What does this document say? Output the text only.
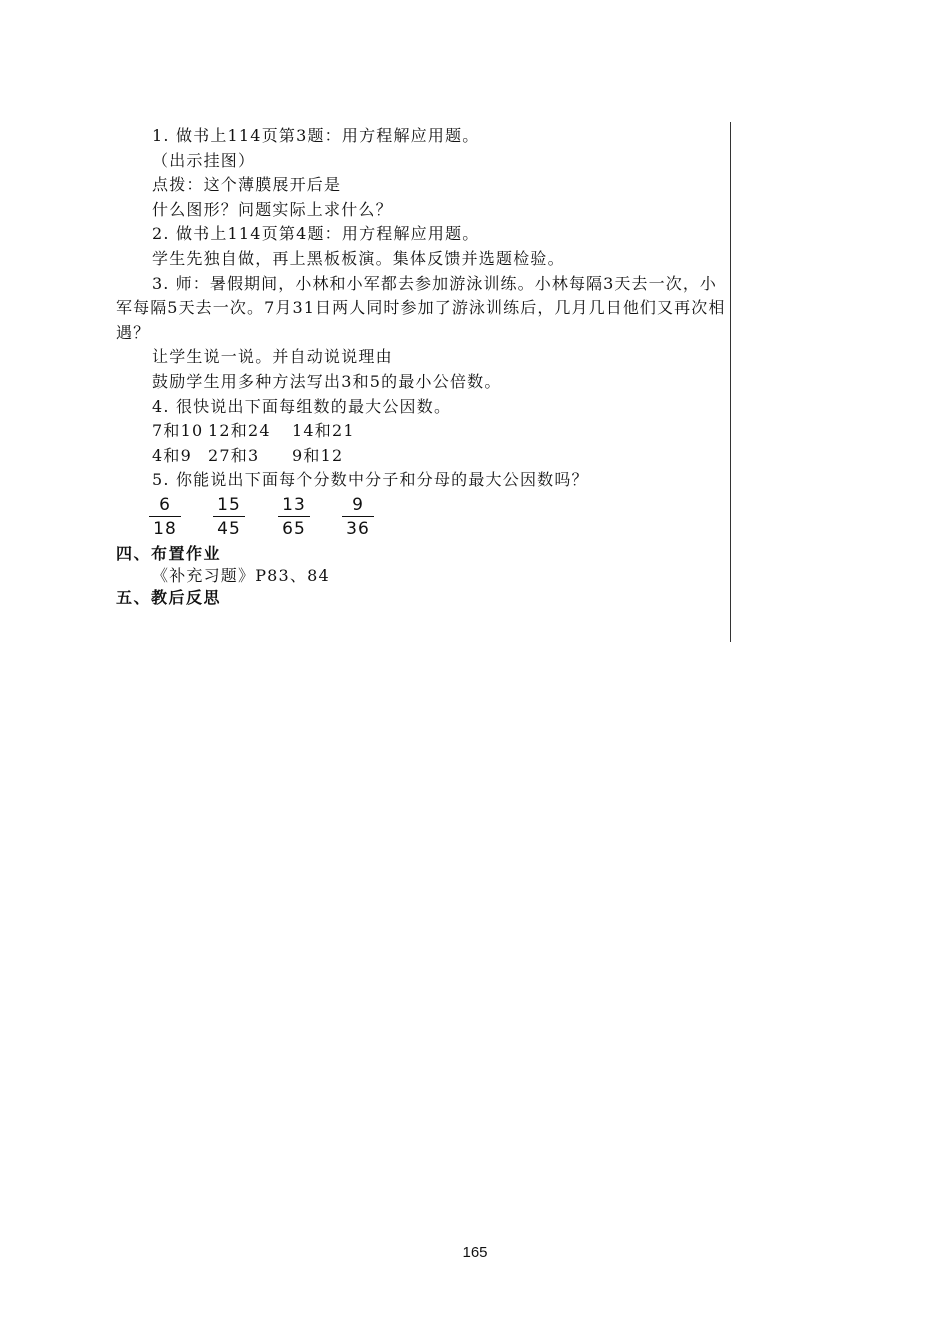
1. 做书上114页第3题：用方程解应用题。
（出示挂图）
点拨：这个薄膜展开后是
什么图形？问题实际上求什么？
2. 做书上114页第4题：用方程解应用题。
学生先独自做，再上黑板板演。集体反馈并选题检验。
3. 师：暑假期间，小林和小军都去参加游泳训练。小林每隔3天去一次，小军每隔5天去一次。7月31日两人同时参加了游泳训练后，几月几日他们又再次相遇？
让学生说一说。并自动说说理由
鼓励学生用多种方法写出3和5的最小公倍数。
4. 很快说出下面每组数的最大公因数。
7和10 12和24 14和21
4和9 27和3 9和12
5. 你能说出下面每个分数中分子和分母的最大公因数吗？
6
18
15
45
13
65
9
36
四、布置作业
《补充习题》P83、84
五、教后反思
165
